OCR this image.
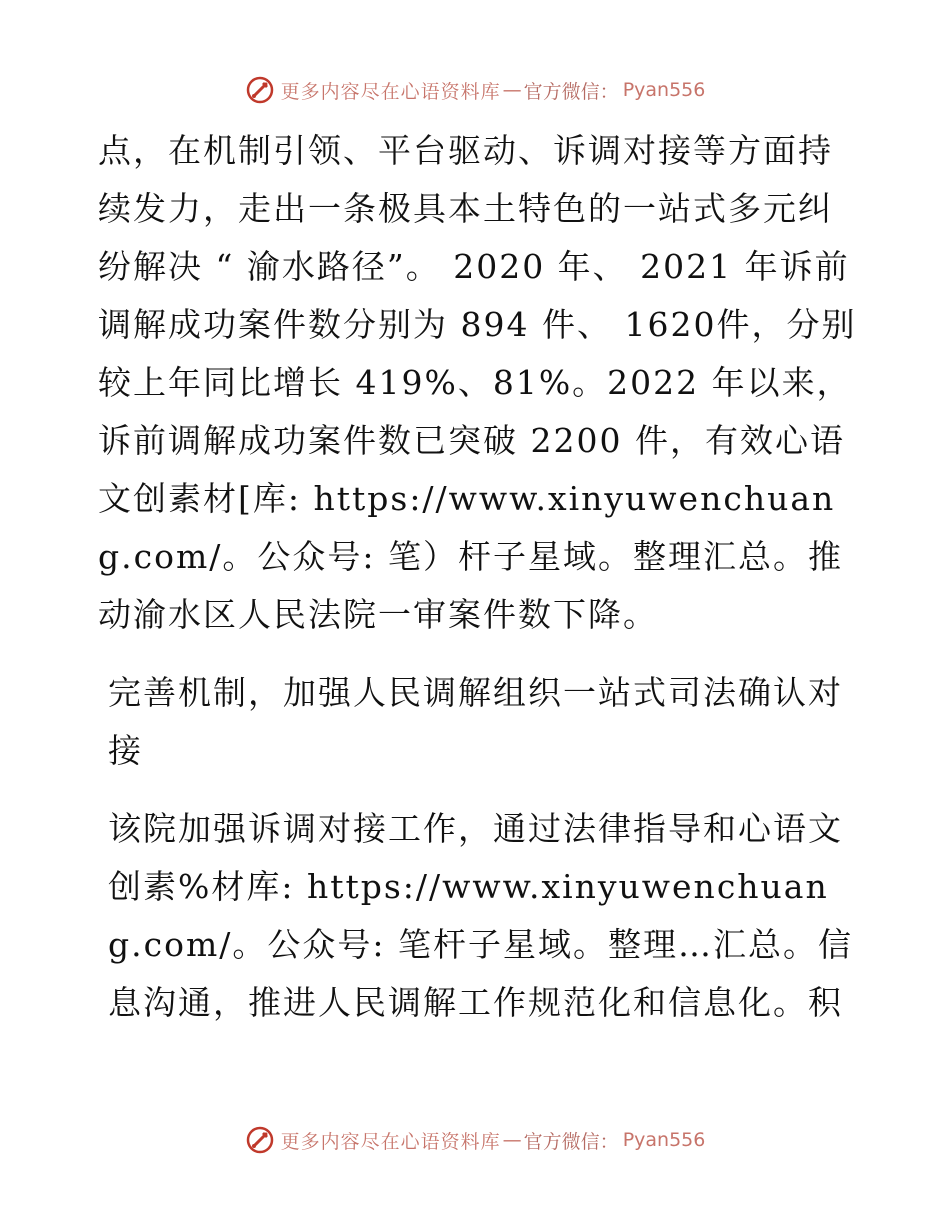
更多内容尽在心语资料库 — 官方微信： Pyan556

点，在机制引领、平台驱动、诉调对接等方面持续发力，走出一条极具本土特色的一站式多元纠纷解决 “ 渝水路径”。 2020 年、 2021 年诉前调解成功案件数分别为 894 件、 1620件，分别较上年同比增长 419%、81%。2022 年以来，诉前调解成功案件数已突破 2200 件，有效心语文创素材[库: https://www.xinyuwenchuang.com/。公众号: 笔）杆子星域。整理汇总。推动渝水区人民法院一审案件数下降。

完善机制，加强人民调解组织一站式司法确认对接

该院加强诉调对接工作，通过法律指导和心语文创素%材库: https://www.xinyuwenchuang.com/。公众号: 笔杆子星域。整理…汇总。信息沟通，推进人民调解工作规范化和信息化。积

更多内容尽在心语资料库 — 官方微信： Pyan556
